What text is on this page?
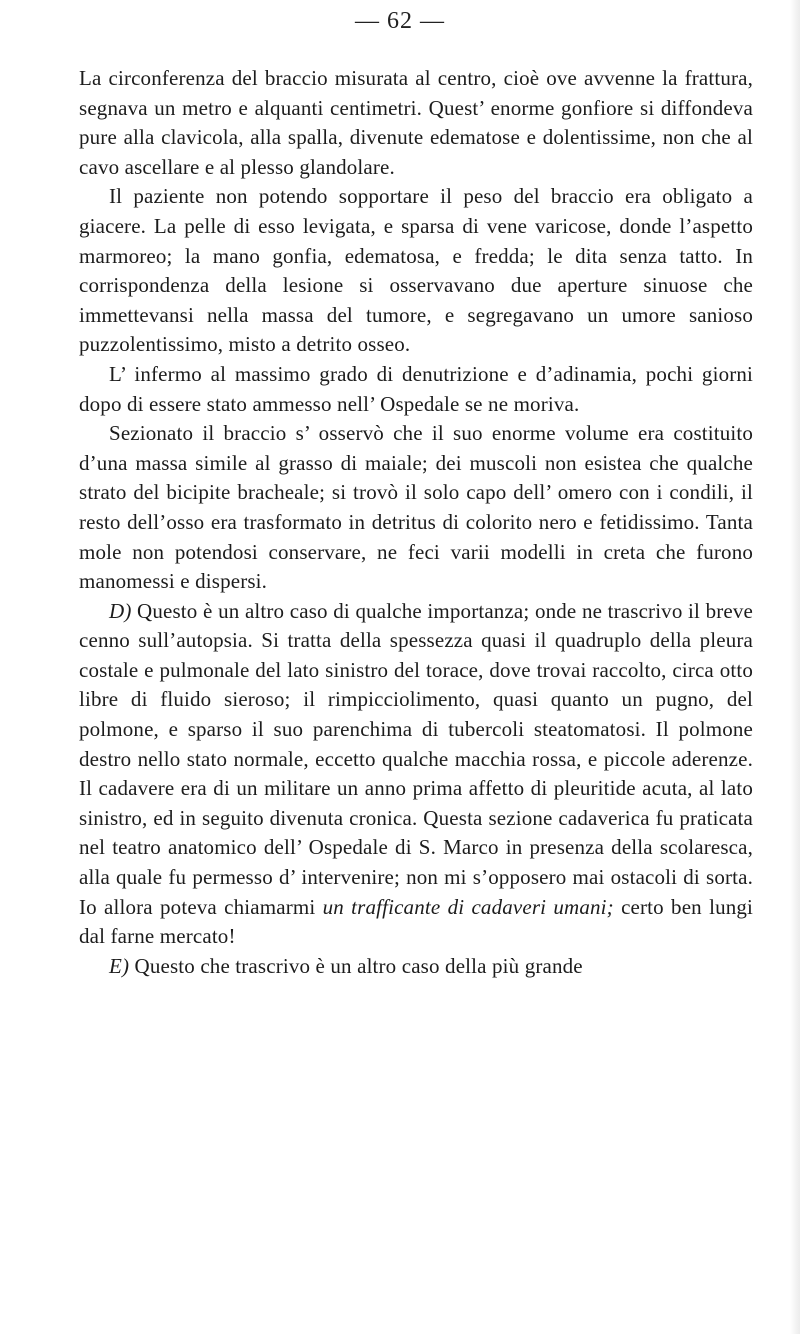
— 62 —

La circonferenza del braccio misurata al centro, cioè ove avvenne la frattura, segnava un metro e alquanti centimetri. Quest’ enorme gonfiore si diffondeva pure alla clavicola, alla spalla, divenute edematose e dolentissime, non che al cavo ascellare e al plesso glandolare.

Il paziente non potendo sopportare il peso del braccio era obligato a giacere. La pelle di esso levigata, e sparsa di vene varicose, donde l’aspetto marmoreo; la mano gonfia, edematosa, e fredda; le dita senza tatto. In corrispondenza della lesione si osservavano due aperture sinuose che immettevansi nella massa del tumore, e segregavano un umore sanioso puzzolentissimo, misto a detrito osseo.

L’ infermo al massimo grado di denutrizione e d’adinamia, pochi giorni dopo di essere stato ammesso nell’ Ospedale se ne moriva.

Sezionato il braccio s’ osservò che il suo enorme volume era costituito d’una massa simile al grasso di maiale; dei muscoli non esistea che qualche strato del bicipite bracheale; si trovò il solo capo dell’ omero con i condili, il resto dell’osso era trasformato in detritus di colorito nero e fetidissimo. Tanta mole non potendosi conservare, ne feci varii modelli in creta che furono manomessi e dispersi.

D) Questo è un altro caso di qualche importanza; onde ne trascrivo il breve cenno sull’autopsia. Si tratta della spessezza quasi il quadruplo della pleura costale e pulmonale del lato sinistro del torace, dove trovai raccolto, circa otto libre di fluido sieroso; il rimpicciolimento, quasi quanto un pugno, del polmone, e sparso il suo parenchima di tubercoli steatomatosi. Il polmone destro nello stato normale, eccetto qualche macchia rossa, e piccole aderenze. Il cadavere era di un militare un anno prima affetto di pleuritide acuta, al lato sinistro, ed in seguito divenuta cronica. Questa sezione cadaverica fu praticata nel teatro anatomico dell’ Ospedale di S. Marco in presenza della scolaresca, alla quale fu permesso d’ intervenire; non mi s’opposero mai ostacoli di sorta. Io allora poteva chiamarmi un trafficante di cadaveri umani; certo ben lungi dal farne mercato!

E) Questo che trascrivo è un altro caso della più grande
